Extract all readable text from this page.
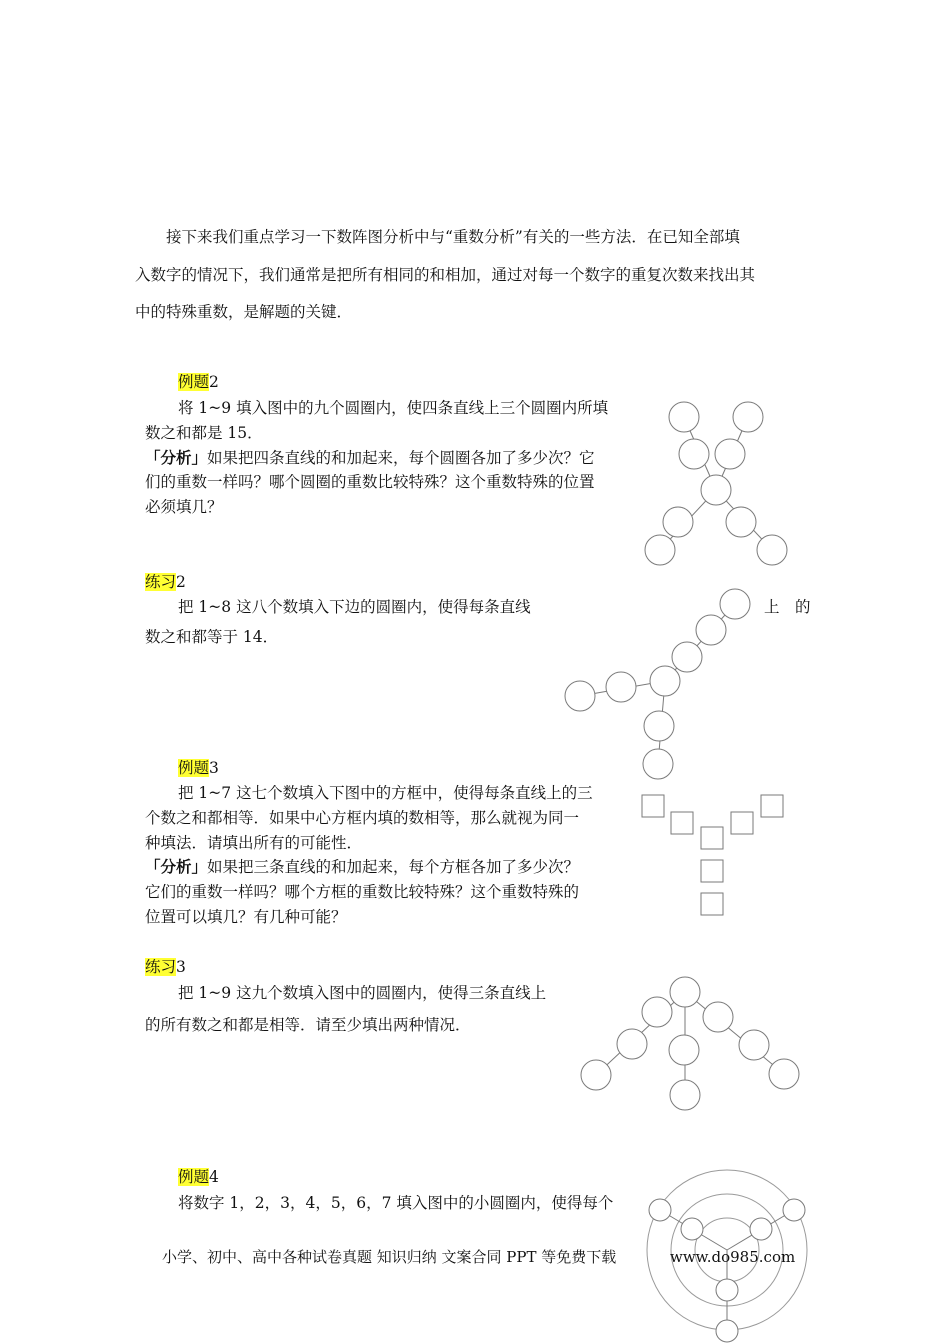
接下来我们重点学习一下数阵图分析中与“重数分析”有关的一些方法．在已知全部填
入数字的情况下，我们通常是把所有相同的和相加，通过对每一个数字的重复次数来找出其
中的特殊重数，是解题的关键．
例题2
将 1~9 填入图中的九个圆圈内，使四条直线上三个圆圈内所填
数之和都是 15．
「分析」如果把四条直线的和加起来，每个圆圈各加了多少次？它
们的重数一样吗？哪个圆圈的重数比较特殊？这个重数特殊的位置
必须填几？
练习2
把 1~8 这八个数填入下边的圆圈内，使得每条直线	上　的
数之和都等于 14．
例题3
把 1~7 这七个数填入下图中的方框中，使得每条直线上的三
个数之和都相等．如果中心方框内填的数相等，那么就视为同一
种填法．请填出所有的可能性．
「分析」如果把三条直线的和加起来，每个方框各加了多少次？
它们的重数一样吗？哪个方框的重数比较特殊？这个重数特殊的
位置可以填几？有几种可能？
练习3
把 1~9 这九个数填入图中的圆圈内，使得三条直线上
的所有数之和都是相等．请至少填出两种情况．
例题4
将数字 1，2，3，4，5，6，7 填入图中的小圆圈内，使得每个
小学、初中、高中各种试卷真题 知识归纳 文案合同 PPT 等免费下载	www.do985.com
